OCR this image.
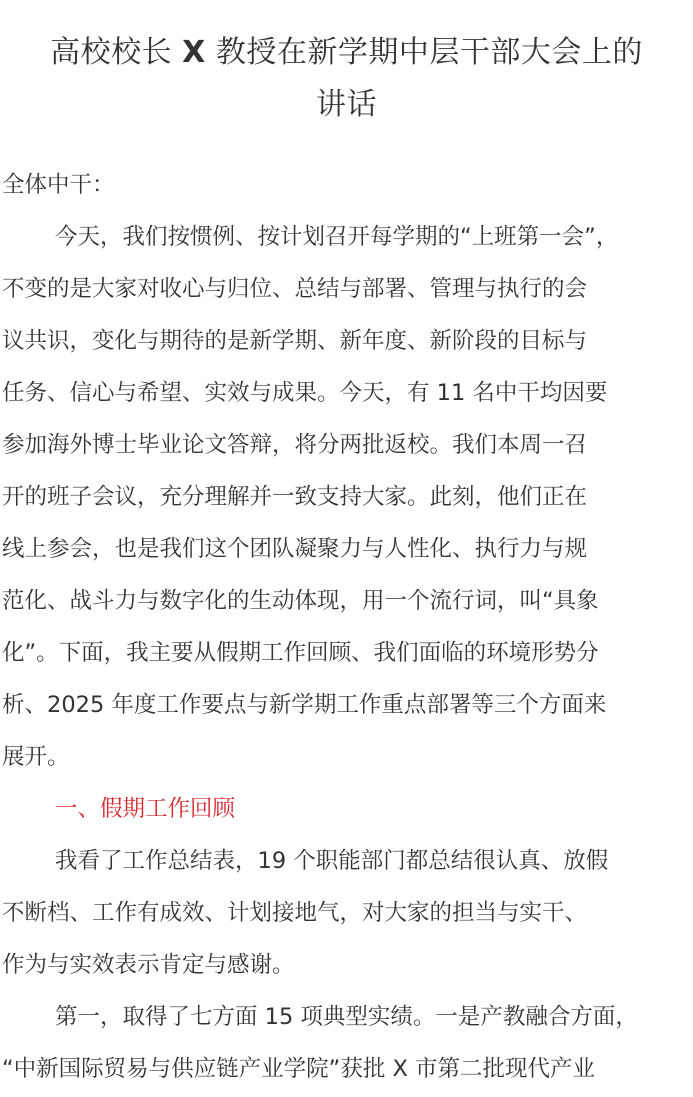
高校校长 X 教授在新学期中层干部大会上的
讲话
全体中干：
今天，我们按惯例、按计划召开每学期的“上班第一会”，
不变的是大家对收心与归位、总结与部署、管理与执行的会
议共识，变化与期待的是新学期、新年度、新阶段的目标与
任务、信心与希望、实效与成果。今天，有 11 名中干均因要
参加海外博士毕业论文答辩，将分两批返校。我们本周一召
开的班子会议，充分理解并一致支持大家。此刻，他们正在
线上参会，也是我们这个团队凝聚力与人性化、执行力与规
范化、战斗力与数字化的生动体现，用一个流行词，叫“具象
化”。下面，我主要从假期工作回顾、我们面临的环境形势分
析、2025 年度工作要点与新学期工作重点部署等三个方面来
展开。
一、假期工作回顾
我看了工作总结表，19 个职能部门都总结很认真、放假
不断档、工作有成效、计划接地气，对大家的担当与实干、
作为与实效表示肯定与感谢。
第一，取得了七方面 15 项典型实绩。一是产教融合方面，
“中新国际贸易与供应链产业学院”获批 X 市第二批现代产业
